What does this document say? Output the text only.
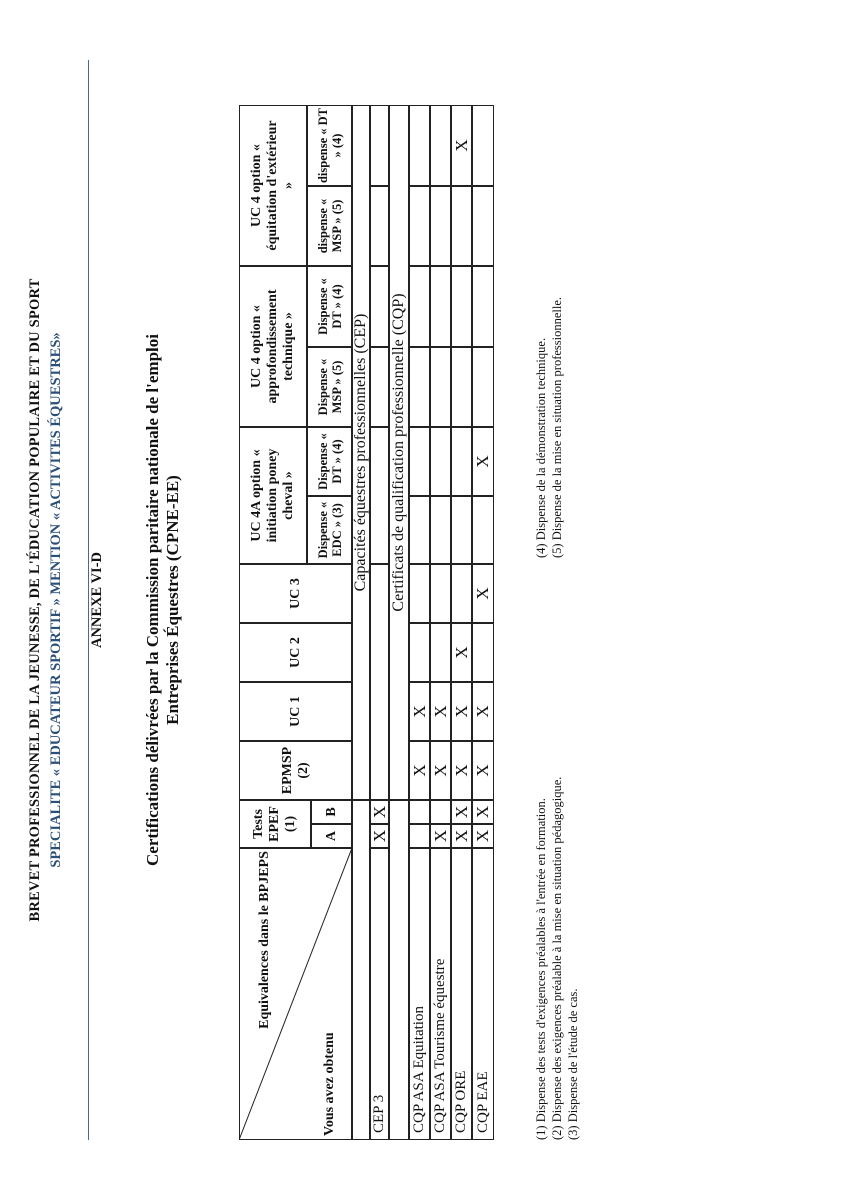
BREVET PROFESSIONNEL DE LA JEUNESSE, DE L'ÉDUCATION POPULAIRE ET DU SPORT SPECIALITE « EDUCATEUR SPORTIF » MENTION « ACTIVITES ÉQUESTRES» ANNEXE VI-D Certifications délivrées par la Commission paritaire nationale de l'emploi Entreprises Équestres (CPNE-EE)
Equivalences dans le BPJEPS
Vous avez obtenu
Tests EPEF (1)
A
B
EPMSP (2)
UC 1
UC 2
UC 3
UC 4A option « initiation poney cheval »
Dispense « EDC » (3)
Dispense « DT » (4)
UC 4 option « approfondissement technique »
Dispense « MSP » (5)
Dispense « DT » (4)
UC 4 option « équitation d'extérieur »
dispense « MSP » (5)
dispense « DT » (4)
Capacités équestres professionnelles (CEP)
CEP 3
X
X
Certificats de qualification professionnelle (CQP)
CQP ASA Equitation
X
X
CQP ASA Tourisme équestre
X
X
X
CQP ORE
X
X
X
X
X
X
CQP EAE
X
X
X
X
X
X
(1) Dispense des tests d'exigences préalables à l'entrée en formation. (2) Dispense des exigences préalable à la mise en situation pédagogique. (3) Dispense de l'étude de cas.
(4) Dispense de la démonstration technique. (5) Dispense de la mise en situation professionnelle.
